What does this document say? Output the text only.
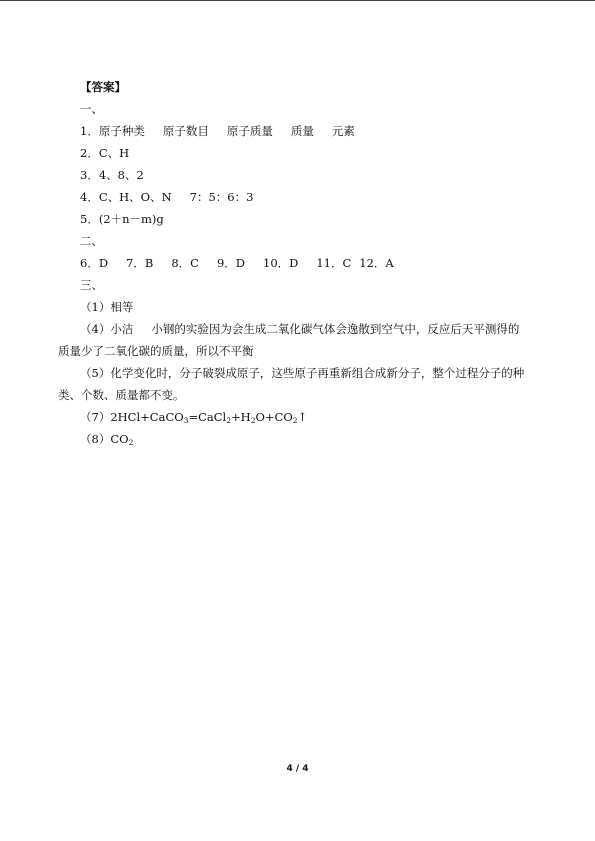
【答案】
一、
1．原子种类 原子数目 原子质量 质量 元素
2．C、H
3．4、8、2
4．C、H、O、N 7：5：6：3
5．(2＋n－m)g
二、
6．D 7．B 8．C 9．D 10．D 11．C 12．A
三、
（1）相等
（4）小洁 小钢的实验因为会生成二氧化碳气体会逸散到空气中，反应后天平测得的
质量少了二氧化碳的质量，所以不平衡
（5）化学变化时，分子破裂成原子，这些原子再重新组合成新分子，整个过程分子的种
类、个数、质量都不变。
$(7)2HCl+CaCO_3=CaCl_2+H_2O+CO_2↑$
$(8)CO_2$
4 / 4
